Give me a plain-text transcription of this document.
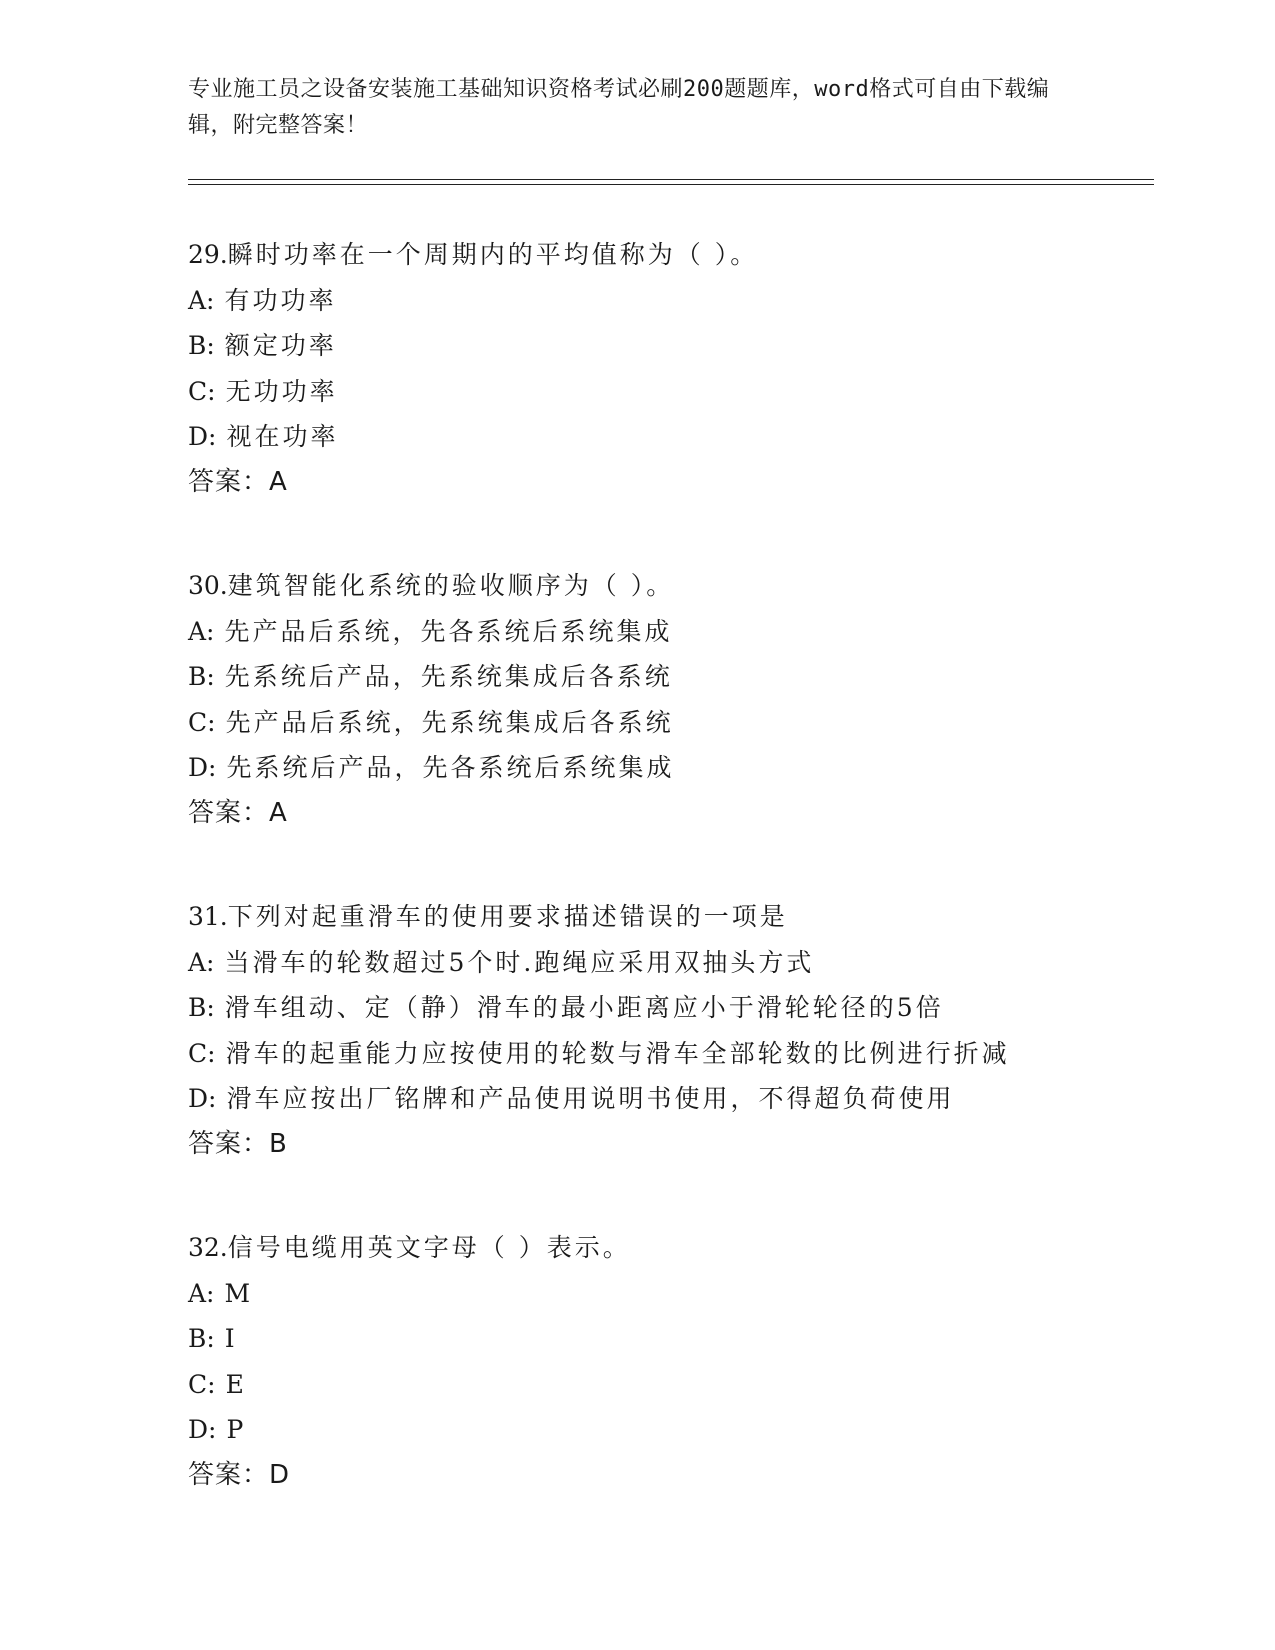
专业施工员之设备安装施工基础知识资格考试必刷200题题库，word格式可自由下载编辑，附完整答案！
29.瞬时功率在一个周期内的平均值称为（ ）。
A: 有功功率
B: 额定功率
C: 无功功率
D: 视在功率
答案：A
30.建筑智能化系统的验收顺序为（ ）。
A: 先产品后系统，先各系统后系统集成
B: 先系统后产品，先系统集成后各系统
C: 先产品后系统，先系统集成后各系统
D: 先系统后产品，先各系统后系统集成
答案：A
31.下列对起重滑车的使用要求描述错误的一项是
A: 当滑车的轮数超过5个时.跑绳应采用双抽头方式
B: 滑车组动、定（静）滑车的最小距离应小于滑轮轮径的5倍
C: 滑车的起重能力应按使用的轮数与滑车全部轮数的比例进行折减
D: 滑车应按出厂铭牌和产品使用说明书使用，不得超负荷使用
答案：B
32.信号电缆用英文字母（ ）表示。
A: M
B: I
C: E
D: P
答案：D
